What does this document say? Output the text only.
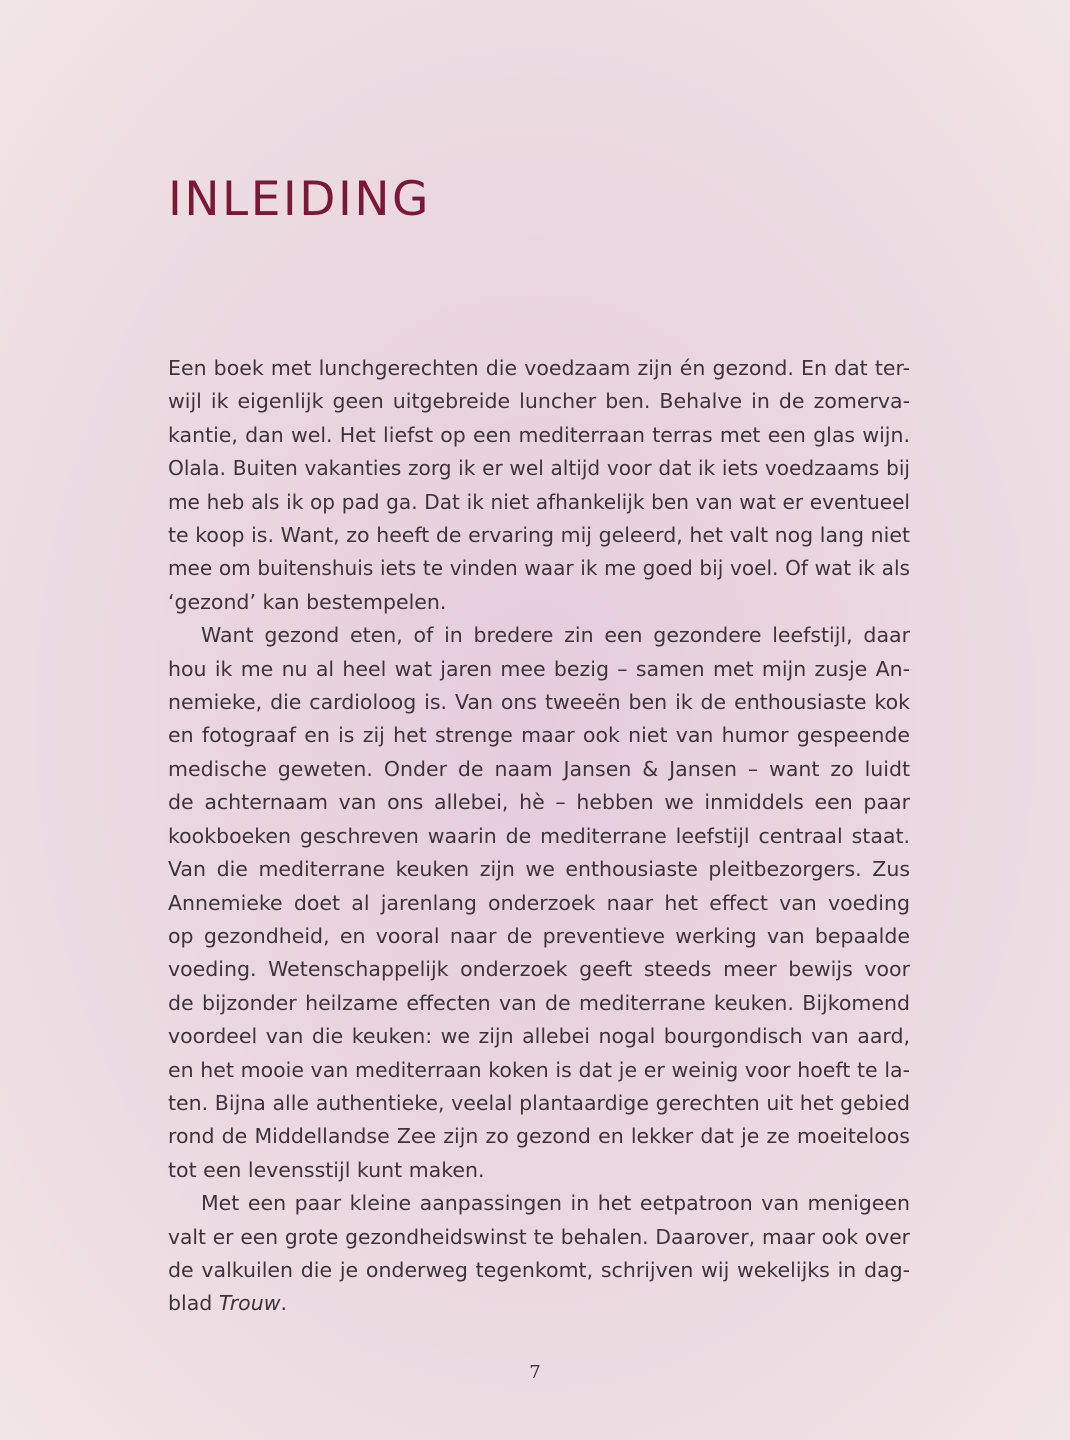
INLEIDING

Een boek met lunchgerechten die voedzaam zijn én gezond. En dat ter-
wijl ik eigenlijk geen uitgebreide luncher ben. Behalve in de zomerva-
kantie, dan wel. Het liefst op een mediterraan terras met een glas wijn.
Olala. Buiten vakanties zorg ik er wel altijd voor dat ik iets voedzaams bij
me heb als ik op pad ga. Dat ik niet afhankelijk ben van wat er eventueel
te koop is. Want, zo heeft de ervaring mij geleerd, het valt nog lang niet
mee om buitenshuis iets te vinden waar ik me goed bij voel. Of wat ik als
‘gezond’ kan bestempelen.

Want gezond eten, of in bredere zin een gezondere leefstijl, daar
hou ik me nu al heel wat jaren mee bezig – samen met mijn zusje An-
nemieke, die cardioloog is. Van ons tweeën ben ik de enthousiaste kok
en fotograaf en is zij het strenge maar ook niet van humor gespeende
medische geweten. Onder de naam Jansen & Jansen – want zo luidt
de achternaam van ons allebei, hè – hebben we inmiddels een paar
kookboeken geschreven waarin de mediterrane leefstijl centraal staat.
Van die mediterrane keuken zijn we enthousiaste pleitbezorgers. Zus
Annemieke doet al jarenlang onderzoek naar het effect van voeding
op gezondheid, en vooral naar de preventieve werking van bepaalde
voeding. Wetenschappelijk onderzoek geeft steeds meer bewijs voor
de bijzonder heilzame effecten van de mediterrane keuken. Bijkomend
voordeel van die keuken: we zijn allebei nogal bourgondisch van aard,
en het mooie van mediterraan koken is dat je er weinig voor hoeft te la-
ten. Bijna alle authentieke, veelal plantaardige gerechten uit het gebied
rond de Middellandse Zee zijn zo gezond en lekker dat je ze moeiteloos
tot een levensstijl kunt maken.

Met een paar kleine aanpassingen in het eetpatroon van menigeen
valt er een grote gezondheidswinst te behalen. Daarover, maar ook over
de valkuilen die je onderweg tegenkomt, schrijven wij wekelijks in dag-
blad Trouw.

7
